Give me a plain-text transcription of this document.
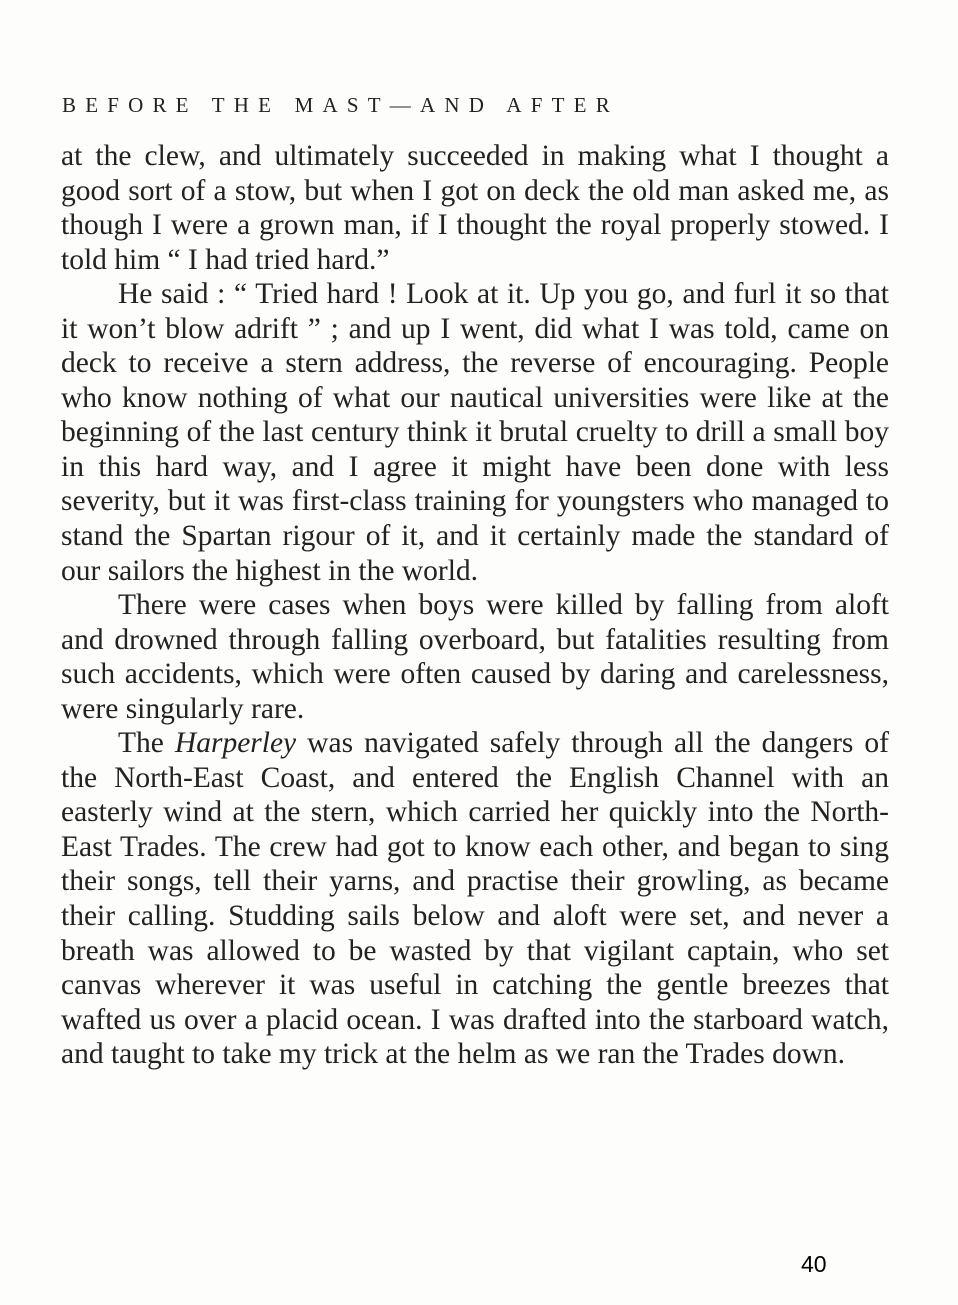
BEFORE THE MAST—AND AFTER

at the clew, and ultimately succeeded in making what I thought a good sort of a stow, but when I got on deck the old man asked me, as though I were a grown man, if I thought the royal properly stowed. I told him “ I had tried hard.”

He said : “ Tried hard ! Look at it. Up you go, and furl it so that it won’t blow adrift ” ; and up I went, did what I was told, came on deck to receive a stern address, the reverse of encouraging. People who know nothing of what our nautical universities were like at the beginning of the last century think it brutal cruelty to drill a small boy in this hard way, and I agree it might have been done with less severity, but it was first-class training for youngsters who managed to stand the Spartan rigour of it, and it certainly made the standard of our sailors the highest in the world.

There were cases when boys were killed by falling from aloft and drowned through falling overboard, but fatalities resulting from such accidents, which were often caused by daring and carelessness, were singularly rare.

The Harperley was navigated safely through all the dangers of the North-East Coast, and entered the English Channel with an easterly wind at the stern, which carried her quickly into the North-East Trades. The crew had got to know each other, and began to sing their songs, tell their yarns, and practise their growling, as became their calling. Studding sails below and aloft were set, and never a breath was allowed to be wasted by that vigilant captain, who set canvas wherever it was useful in catching the gentle breezes that wafted us over a placid ocean. I was drafted into the starboard watch, and taught to take my trick at the helm as we ran the Trades down.

40
